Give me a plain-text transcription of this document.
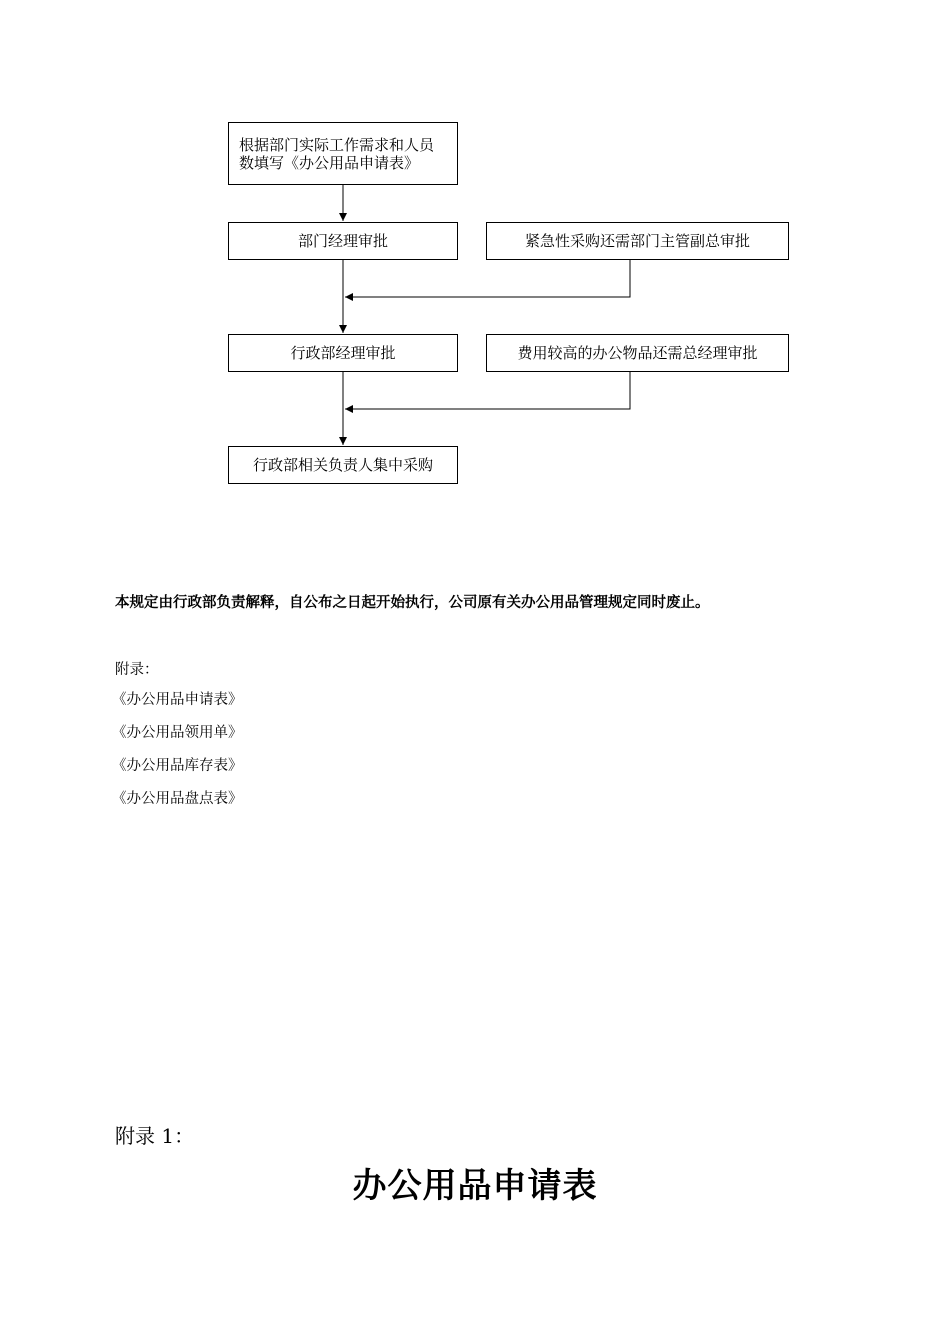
根据部门实际工作需求和人员数填写《办公用品申请表》
部门经理审批	紧急性采购还需部门主管副总审批
行政部经理审批	费用较高的办公物品还需总经理审批
行政部相关负责人集中采购
本规定由行政部负责解释，自公布之日起开始执行，公司原有关办公用品管理规定同时废止。
附录：
《办公用品申请表》
《办公用品领用单》
《办公用品库存表》
《办公用品盘点表》
附录 1：
办公用品申请表
